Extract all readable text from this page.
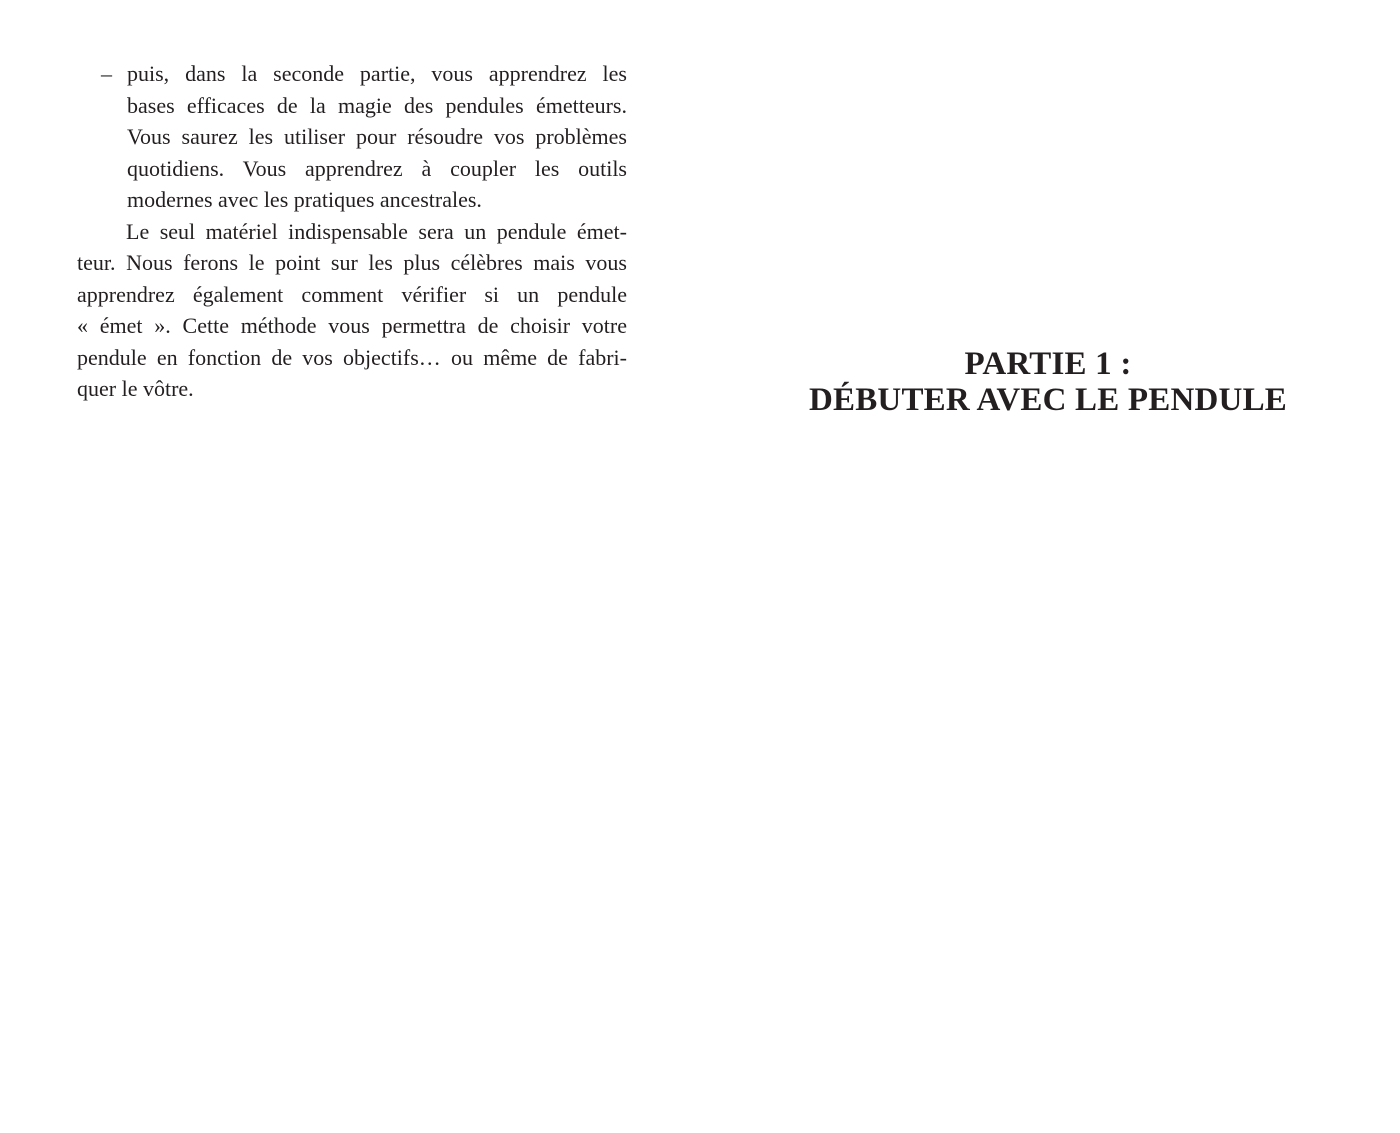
– puis, dans la seconde partie, vous apprendrez les
bases efficaces de la magie des pendules émetteurs.
Vous saurez les utiliser pour résoudre vos problèmes
quotidiens. Vous apprendrez à coupler les outils
modernes avec les pratiques ancestrales.
Le seul matériel indispensable sera un pendule émet-
teur. Nous ferons le point sur les plus célèbres mais vous
apprendrez également comment vérifier si un pendule
« émet ». Cette méthode vous permettra de choisir votre
pendule en fonction de vos objectifs… ou même de fabri-
quer le vôtre.
PARTIE 1 :
DÉBUTER AVEC LE PENDULE
